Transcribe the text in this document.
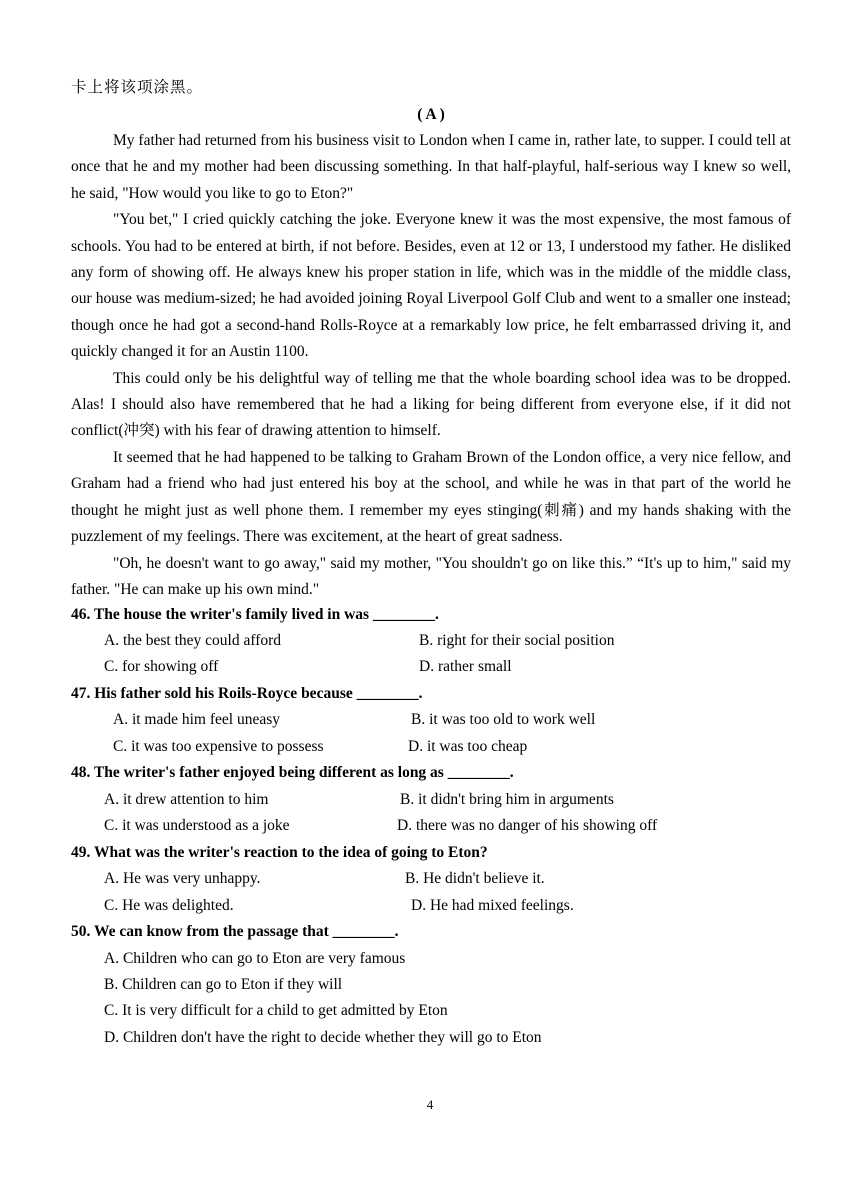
卡上将该项涂黑。
( A )

My father had returned from his business visit to London when I came in, rather late, to supper. I could tell at once that he and my mother had been discussing something. In that half-playful, half-serious way I knew so well, he said, "How would you like to go to Eton?"

"You bet," I cried quickly catching the joke. Everyone knew it was the most expensive, the most famous of schools. You had to be entered at birth, if not before. Besides, even at 12 or 13, I understood my father. He disliked any form of showing off. He always knew his proper station in life, which was in the middle of the middle class, our house was medium-sized; he had avoided joining Royal Liverpool Golf Club and went to a smaller one instead; though once he had got a second-hand Rolls-Royce at a remarkably low price, he felt embarrassed driving it, and quickly changed it for an Austin 1100.

This could only be his delightful way of telling me that the whole boarding school idea was to be dropped. Alas! I should also have remembered that he had a liking for being different from everyone else, if it did not conflict(冲突) with his fear of drawing attention to himself.

It seemed that he had happened to be talking to Graham Brown of the London office, a very nice fellow, and Graham had a friend who had just entered his boy at the school, and while he was in that part of the world he thought he might just as well phone them. I remember my eyes stinging(刺痛) and my hands shaking with the puzzlement of my feelings. There was excitement, at the heart of great sadness.

"Oh, he doesn't want to go away," said my mother, "You shouldn't go on like this.” “It's up to him," said my father. "He can make up his own mind."

46. The house the writer's family lived in was ________.
A. the best they could afford	B. right for their social position
C. for showing off	D. rather small
47. His father sold his Roils-Royce because ________.
A. it made him feel uneasy	B. it was too old to work well
C. it was too expensive to possess	D. it was too cheap
48. The writer's father enjoyed being different as long as ________.
A. it drew attention to him	B. it didn't bring him in arguments
C. it was understood as a joke	D. there was no danger of his showing off
49. What was the writer's reaction to the idea of going to Eton?
A. He was very unhappy.	B. He didn't believe it.
C. He was delighted.	D. He had mixed feelings.
50. We can know from the passage that ________.
A. Children who can go to Eton are very famous
B. Children can go to Eton if they will
C. It is very difficult for a child to get admitted by Eton
D. Children don't have the right to decide whether they will go to Eton
4
